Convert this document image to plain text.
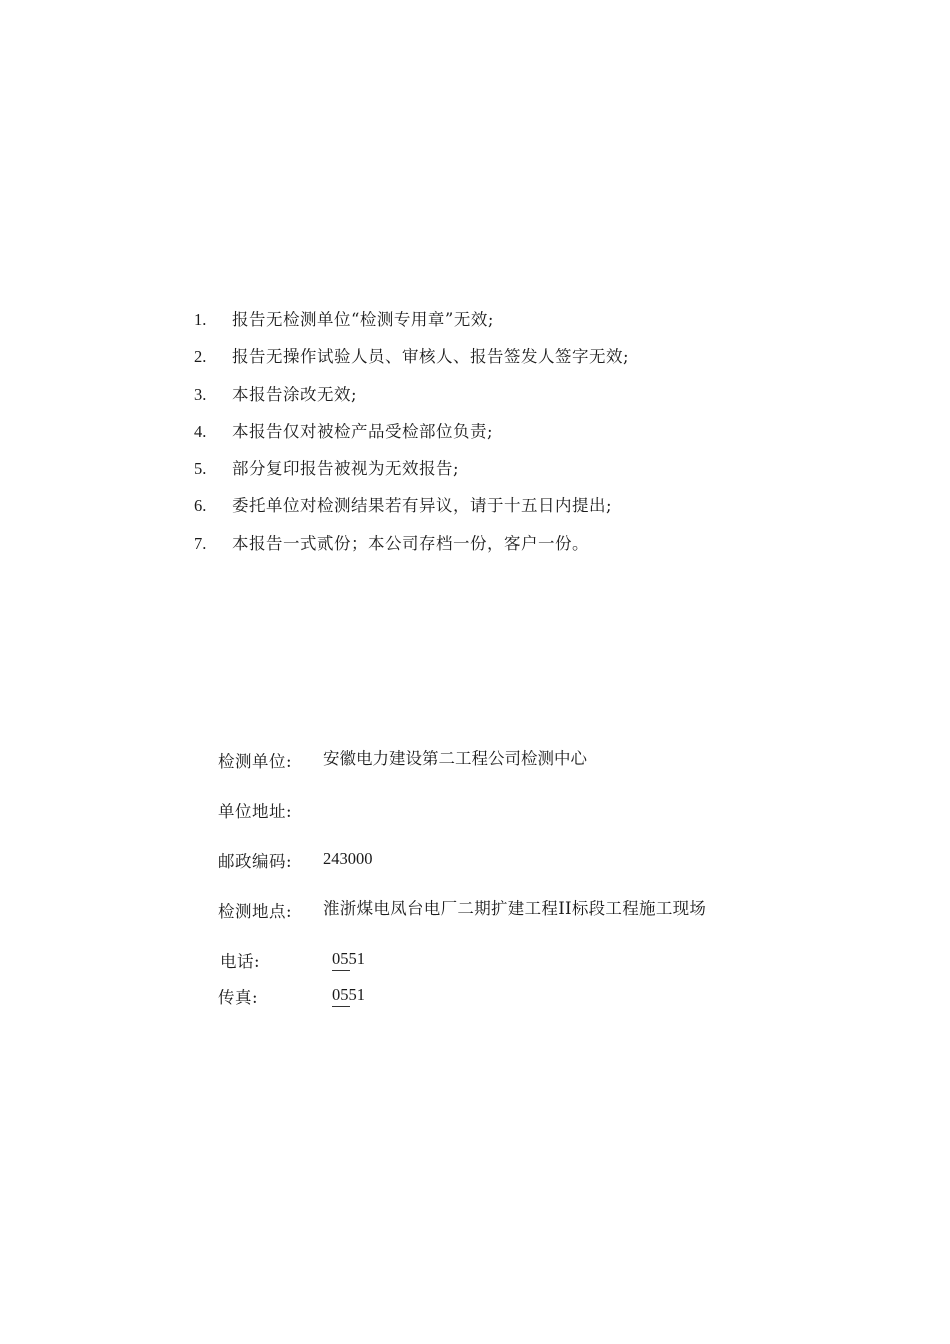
1.	报告无检测单位“检测专用章”无效;
2.	报告无操作试验人员、审核人、报告签发人签字无效;
3.	本报告涂改无效;
4.	本报告仅对被检产品受检部位负责;
5.	部分复印报告被视为无效报告;
6.	委托单位对检测结果若有异议，请于十五日内提出;
7.	本报告一式贰份；本公司存档一份，客户一份。
检测单位:	安徽电力建设第二工程公司检测中心
单位地址:
邮政编码:	243000
检测地点:	淮浙煤电凤台电厂二期扩建工程ⅠⅠ标段工程施工现场
电话:	0551
传真:	0551
